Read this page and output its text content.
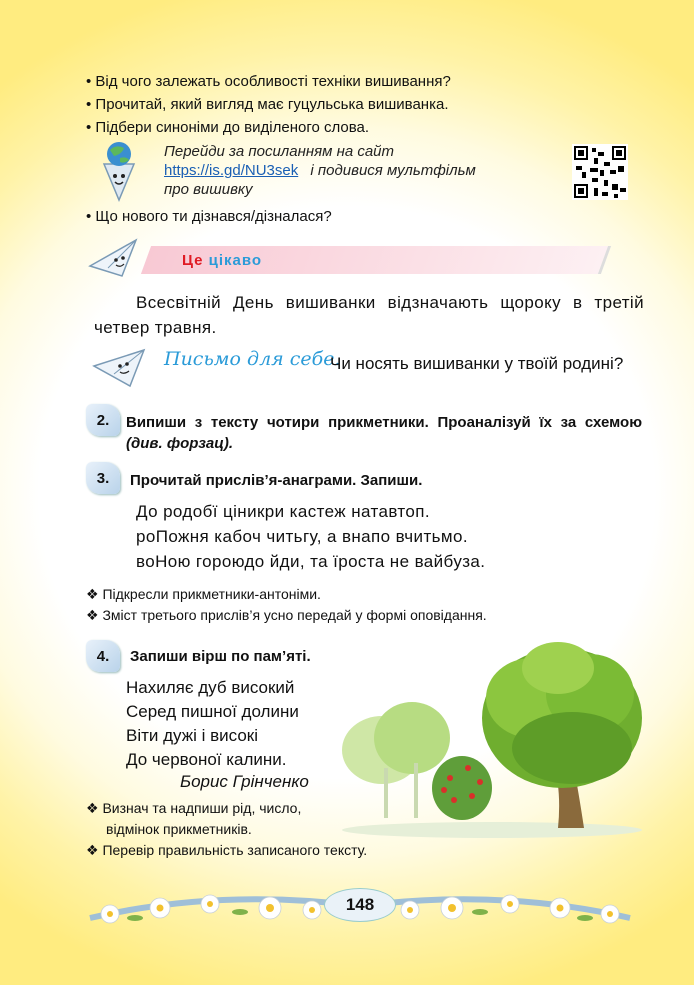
• Від чого залежать особливості техніки вишивання?
• Прочитай, який вигляд має гуцульська вишиванка.
• Підбери синоніми до виділеного слова.
Перейди за посиланням на сайт
https://is.gd/NU3sek і подивися мультфільм
про вишивку
• Що нового ти дізнався/дізналася?
Це цікаво
Всесвітній День вишиванки відзначають щороку в третій четвер травня.
Письмо для себе.
Чи носять вишиванки у твоїй родині?
2.	Випиши з тексту чотири прикметники. Проаналізуй їх за схемою (див. форзац).
3.	Прочитай прислів’я-анаграми. Запиши.
До родобї ціникри кастеж натавтоп.
роПожня кабоч читьгу, а внапо вчитьмо.
воНою гороюдо йди, та їроста не вайбуза.
❖ Підкресли прикметники-антоніми.
❖ Зміст третього прислів’я усно передай у формі оповідання.
4.	Запиши вірш по пам’яті.
Нахиляє дуб високий
Серед пишної долини
Віти дужі і високі
До червоної калини.
Борис Грінченко
❖ Визнач та надпиши рід, число,
відмінок прикметників.
❖ Перевір правильність записаного тексту.
148
